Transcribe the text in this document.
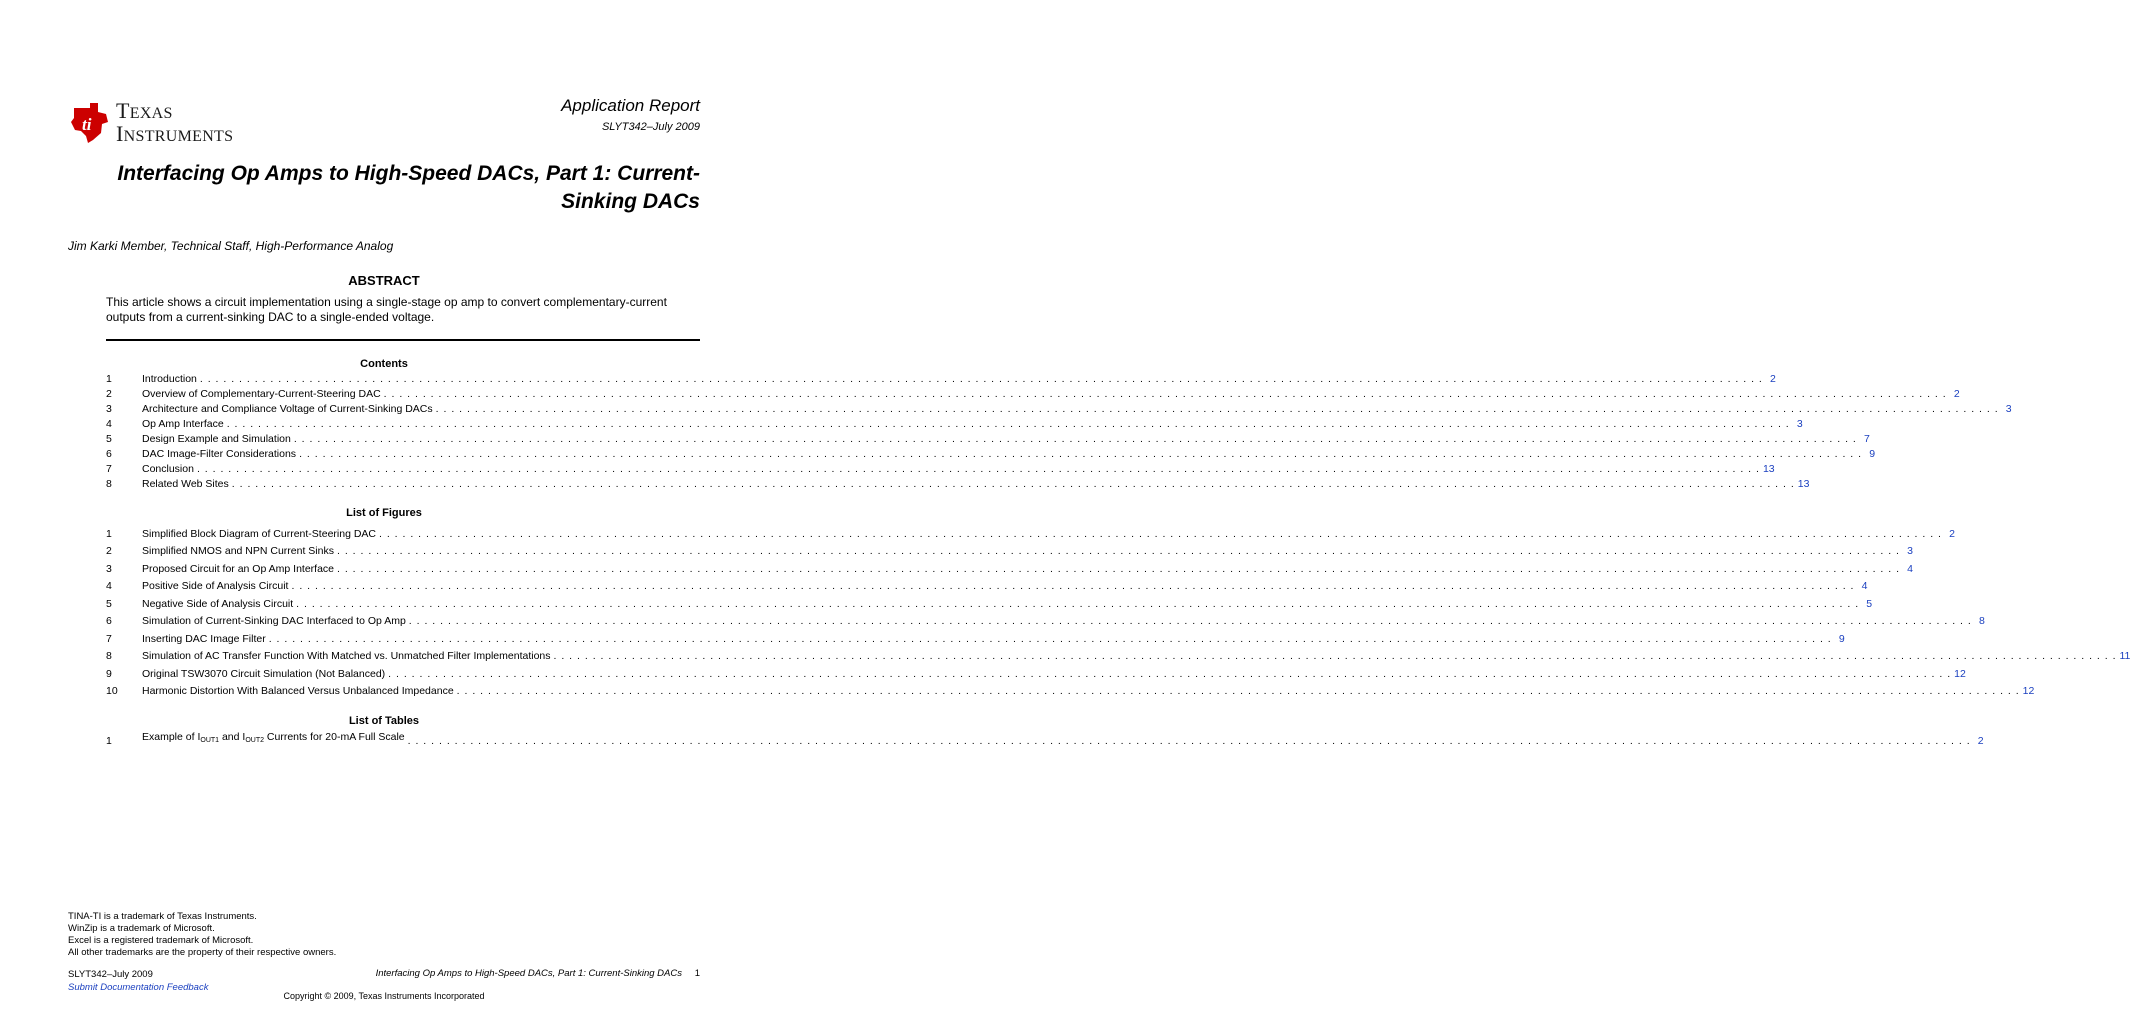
ti
TEXAS
INSTRUMENTS
Application Report
SLYT342–July 2009
Interfacing Op Amps to High-Speed DACs, Part 1: Current-
Sinking DACs
Jim Karki Member, Technical Staff, High-Performance Analog
ABSTRACT
This article shows a circuit implementation using a single-stage op amp to convert complementary-current outputs from a current-sinking DAC to a single-ended voltage.
Contents
1	Introduction . . . . . . . . . . . . . . . . . . . . . . . . . . . . . . . . . . . . . . . . . . . . . . . . . . . . . . . . . . . . . . . . . . . . . . . . . . . . . . . . . . . . . . . . . . . . . . . . . . . . . . . . . . . . . . . . . . . . . . . . . . . . . . . . . . . . . . . . . . . . . . . . . . . . . . . . . . . . . . . . . . . . . . . . . . . . . . . . . . . . . . . . . . . . . . . . . . . . . . . . 2
2	Overview of Complementary-Current-Steering DAC . . . . . . . . . . . . . . . . . . . . . . . . . . . . . . . . . . . . . . . . . . . . . . . . . . . . . . . . . . . . . . . . . . . . . . . . . . . . . . . . . . . . . . . . . . . . . . . . . . . . . . . . . . . . . . . . . . . . . . . . . . . . . . . . . . . . . . . . . . . . . . . . . . . . . . . . . . . . . . . . . . . . . . . . . . . . . . . . . . . . . . . . . . . . . . . . . . . . . . . . 2
3	Architecture and Compliance Voltage of Current-Sinking DACs . . . . . . . . . . . . . . . . . . . . . . . . . . . . . . . . . . . . . . . . . . . . . . . . . . . . . . . . . . . . . . . . . . . . . . . . . . . . . . . . . . . . . . . . . . . . . . . . . . . . . . . . . . . . . . . . . . . . . . . . . . . . . . . . . . . . . . . . . . . . . . . . . . . . . . . . . . . . . . . . . . . . . . . . . . . . . . . . . . . . . . . . . . . . . . . . . . . . . . . . 3
4	Op Amp Interface . . . . . . . . . . . . . . . . . . . . . . . . . . . . . . . . . . . . . . . . . . . . . . . . . . . . . . . . . . . . . . . . . . . . . . . . . . . . . . . . . . . . . . . . . . . . . . . . . . . . . . . . . . . . . . . . . . . . . . . . . . . . . . . . . . . . . . . . . . . . . . . . . . . . . . . . . . . . . . . . . . . . . . . . . . . . . . . . . . . . . . . . . . . . . . . . . . . . . . . . 3
5	Design Example and Simulation . . . . . . . . . . . . . . . . . . . . . . . . . . . . . . . . . . . . . . . . . . . . . . . . . . . . . . . . . . . . . . . . . . . . . . . . . . . . . . . . . . . . . . . . . . . . . . . . . . . . . . . . . . . . . . . . . . . . . . . . . . . . . . . . . . . . . . . . . . . . . . . . . . . . . . . . . . . . . . . . . . . . . . . . . . . . . . . . . . . . . . . . . . . . . . . . . . . . . . . . 7
6	DAC Image-Filter Considerations . . . . . . . . . . . . . . . . . . . . . . . . . . . . . . . . . . . . . . . . . . . . . . . . . . . . . . . . . . . . . . . . . . . . . . . . . . . . . . . . . . . . . . . . . . . . . . . . . . . . . . . . . . . . . . . . . . . . . . . . . . . . . . . . . . . . . . . . . . . . . . . . . . . . . . . . . . . . . . . . . . . . . . . . . . . . . . . . . . . . . . . . . . . . . . . . . . . . . . . . 9
7	Conclusion . . . . . . . . . . . . . . . . . . . . . . . . . . . . . . . . . . . . . . . . . . . . . . . . . . . . . . . . . . . . . . . . . . . . . . . . . . . . . . . . . . . . . . . . . . . . . . . . . . . . . . . . . . . . . . . . . . . . . . . . . . . . . . . . . . . . . . . . . . . . . . . . . . . . . . . . . . . . . . . . . . . . . . . . . . . . . . . . . . . . . . . . . . . . . . . . . . . . . . . . 13
8	Related Web Sites . . . . . . . . . . . . . . . . . . . . . . . . . . . . . . . . . . . . . . . . . . . . . . . . . . . . . . . . . . . . . . . . . . . . . . . . . . . . . . . . . . . . . . . . . . . . . . . . . . . . . . . . . . . . . . . . . . . . . . . . . . . . . . . . . . . . . . . . . . . . . . . . . . . . . . . . . . . . . . . . . . . . . . . . . . . . . . . . . . . . . . . . . . . . . . . . . . . . . . . . 13
List of Figures
1	Simplified Block Diagram of Current-Steering DAC . . . . . . . . . . . . . . . . . . . . . . . . . . . . . . . . . . . . . . . . . . . . . . . . . . . . . . . . . . . . . . . . . . . . . . . . . . . . . . . . . . . . . . . . . . . . . . . . . . . . . . . . . . . . . . . . . . . . . . . . . . . . . . . . . . . . . . . . . . . . . . . . . . . . . . . . . . . . . . . . . . . . . . . . . . . . . . . . . . . . . . . . . . . . . . . . . . . . . . . . 2
2	Simplified NMOS and NPN Current Sinks . . . . . . . . . . . . . . . . . . . . . . . . . . . . . . . . . . . . . . . . . . . . . . . . . . . . . . . . . . . . . . . . . . . . . . . . . . . . . . . . . . . . . . . . . . . . . . . . . . . . . . . . . . . . . . . . . . . . . . . . . . . . . . . . . . . . . . . . . . . . . . . . . . . . . . . . . . . . . . . . . . . . . . . . . . . . . . . . . . . . . . . . . . . . . . . . . . . . . . . . 3
3	Proposed Circuit for an Op Amp Interface . . . . . . . . . . . . . . . . . . . . . . . . . . . . . . . . . . . . . . . . . . . . . . . . . . . . . . . . . . . . . . . . . . . . . . . . . . . . . . . . . . . . . . . . . . . . . . . . . . . . . . . . . . . . . . . . . . . . . . . . . . . . . . . . . . . . . . . . . . . . . . . . . . . . . . . . . . . . . . . . . . . . . . . . . . . . . . . . . . . . . . . . . . . . . . . . . . . . . . . . 4
4	Positive Side of Analysis Circuit . . . . . . . . . . . . . . . . . . . . . . . . . . . . . . . . . . . . . . . . . . . . . . . . . . . . . . . . . . . . . . . . . . . . . . . . . . . . . . . . . . . . . . . . . . . . . . . . . . . . . . . . . . . . . . . . . . . . . . . . . . . . . . . . . . . . . . . . . . . . . . . . . . . . . . . . . . . . . . . . . . . . . . . . . . . . . . . . . . . . . . . . . . . . . . . . . . . . . . . . 4
5	Negative Side of Analysis Circuit . . . . . . . . . . . . . . . . . . . . . . . . . . . . . . . . . . . . . . . . . . . . . . . . . . . . . . . . . . . . . . . . . . . . . . . . . . . . . . . . . . . . . . . . . . . . . . . . . . . . . . . . . . . . . . . . . . . . . . . . . . . . . . . . . . . . . . . . . . . . . . . . . . . . . . . . . . . . . . . . . . . . . . . . . . . . . . . . . . . . . . . . . . . . . . . . . . . . . . . . 5
6	Simulation of Current-Sinking DAC Interfaced to Op Amp . . . . . . . . . . . . . . . . . . . . . . . . . . . . . . . . . . . . . . . . . . . . . . . . . . . . . . . . . . . . . . . . . . . . . . . . . . . . . . . . . . . . . . . . . . . . . . . . . . . . . . . . . . . . . . . . . . . . . . . . . . . . . . . . . . . . . . . . . . . . . . . . . . . . . . . . . . . . . . . . . . . . . . . . . . . . . . . . . . . . . . . . . . . . . . . . . . . . . . . . 8
7	Inserting DAC Image Filter . . . . . . . . . . . . . . . . . . . . . . . . . . . . . . . . . . . . . . . . . . . . . . . . . . . . . . . . . . . . . . . . . . . . . . . . . . . . . . . . . . . . . . . . . . . . . . . . . . . . . . . . . . . . . . . . . . . . . . . . . . . . . . . . . . . . . . . . . . . . . . . . . . . . . . . . . . . . . . . . . . . . . . . . . . . . . . . . . . . . . . . . . . . . . . . . . . . . . . . . 9
8	Simulation of AC Transfer Function With Matched vs. Unmatched Filter Implementations . . . . . . . . . . . . . . . . . . . . . . . . . . . . . . . . . . . . . . . . . . . . . . . . . . . . . . . . . . . . . . . . . . . . . . . . . . . . . . . . . . . . . . . . . . . . . . . . . . . . . . . . . . . . . . . . . . . . . . . . . . . . . . . . . . . . . . . . . . . . . . . . . . . . . . . . . . . . . . . . . . . . . . . . . . . . . . . . . . . . . . . . . . . . . . . . . . . . . . . . 11
9	Original TSW3070 Circuit Simulation (Not Balanced) . . . . . . . . . . . . . . . . . . . . . . . . . . . . . . . . . . . . . . . . . . . . . . . . . . . . . . . . . . . . . . . . . . . . . . . . . . . . . . . . . . . . . . . . . . . . . . . . . . . . . . . . . . . . . . . . . . . . . . . . . . . . . . . . . . . . . . . . . . . . . . . . . . . . . . . . . . . . . . . . . . . . . . . . . . . . . . . . . . . . . . . . . . . . . . . . . . . . . . . . 12
10	Harmonic Distortion With Balanced Versus Unbalanced Impedance . . . . . . . . . . . . . . . . . . . . . . . . . . . . . . . . . . . . . . . . . . . . . . . . . . . . . . . . . . . . . . . . . . . . . . . . . . . . . . . . . . . . . . . . . . . . . . . . . . . . . . . . . . . . . . . . . . . . . . . . . . . . . . . . . . . . . . . . . . . . . . . . . . . . . . . . . . . . . . . . . . . . . . . . . . . . . . . . . . . . . . . . . . . . . . . . . . . . . . . . 12
List of Tables
1	Example of $I_{OUT1}$ and $I_{OUT2}$ Currents for 20-mA Full Scale . . . . . . . . . . . . . . . . . . . . . . . . . . . . . . . . . . . . . . . . . . . . . . . . . . . . . . . . . . . . . . . . . . . . . . . . . . . . . . . . . . . . . . . . . . . . . . . . . . . . . . . . . . . . . . . . . . . . . . . . . . . . . . . . . . . . . . . . . . . . . . . . . . . . . . . . . . . . . . . . . . . . . . . . . . . . . . . . . . . . . . . . . . . . . . . . . . . . . . . . 2
TINA-TI is a trademark of Texas Instruments.
WinZip is a trademark of Microsoft.
Excel is a registered trademark of Microsoft.
All other trademarks are the property of their respective owners.
SLYT342–July 2009
Submit Documentation Feedback
Interfacing Op Amps to High-Speed DACs, Part 1: Current-Sinking DACs 1
Copyright © 2009, Texas Instruments Incorporated
